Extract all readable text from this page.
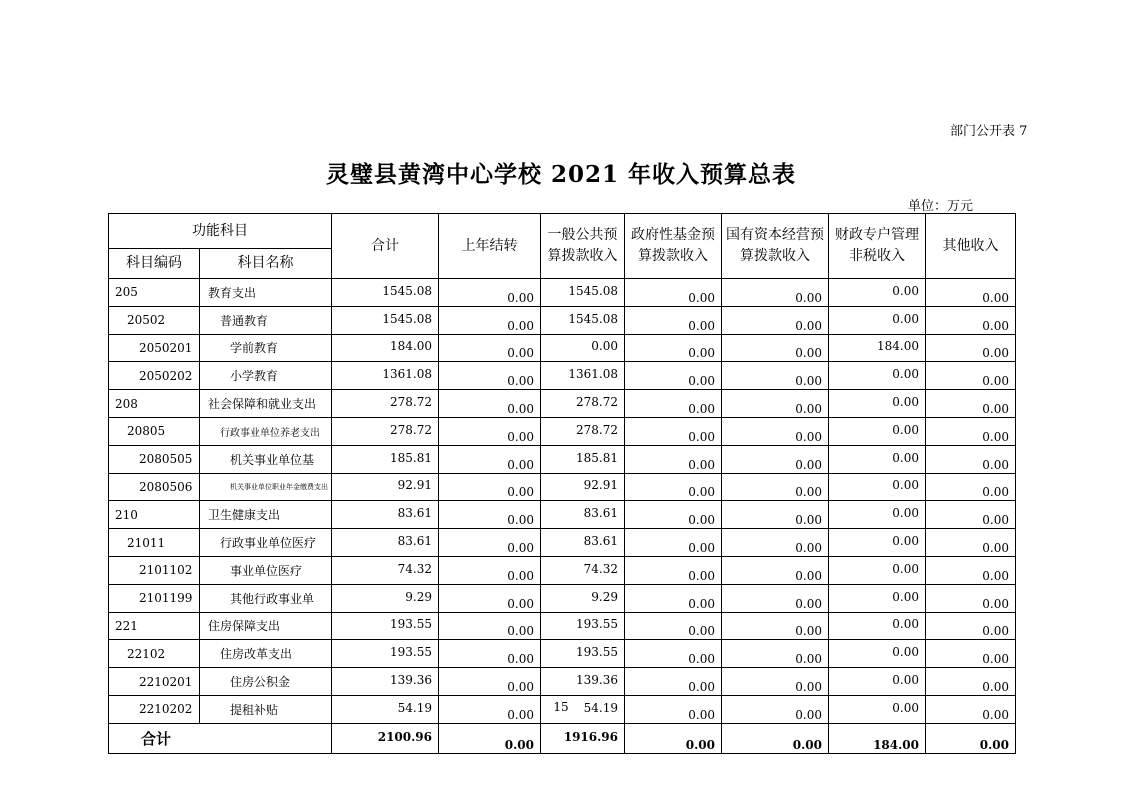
部门公开表 7
灵璧县黄湾中心学校 2021 年收入预算总表
单位：万元
功能科目		合计	上年结转	一般公共预算拨款收入	政府性基金预算拨款收入	国有资本经营预算拨款收入	财政专户管理非税收入	其他收入
科目编码	科目名称							
205	教育支出	1545.08	0.00	1545.08	0.00	0.00	0.00	0.00
20502	普通教育	1545.08	0.00	1545.08	0.00	0.00	0.00	0.00
2050201	学前教育	184.00	0.00	0.00	0.00	0.00	184.00	0.00
2050202	小学教育	1361.08	0.00	1361.08	0.00	0.00	0.00	0.00
208	社会保障和就业支出	278.72	0.00	278.72	0.00	0.00	0.00	0.00
20805	行政事业单位养老支出	278.72	0.00	278.72	0.00	0.00	0.00	0.00
2080505	机关事业单位基	185.81	0.00	185.81	0.00	0.00	0.00	0.00
2080506	机关事业单位职业年金缴费支出	92.91	0.00	92.91	0.00	0.00	0.00	0.00
210	卫生健康支出	83.61	0.00	83.61	0.00	0.00	0.00	0.00
21011	行政事业单位医疗	83.61	0.00	83.61	0.00	0.00	0.00	0.00
2101102	事业单位医疗	74.32	0.00	74.32	0.00	0.00	0.00	0.00
2101199	其他行政事业单	9.29	0.00	9.29	0.00	0.00	0.00	0.00
221	住房保障支出	193.55	0.00	193.55	0.00	0.00	0.00	0.00
22102	住房改革支出	193.55	0.00	193.55	0.00	0.00	0.00	0.00
2210201	住房公积金	139.36	0.00	139.36	0.00	0.00	0.00	0.00
2210202	提租补贴	54.19	0.00	54.19	0.00	0.00	0.00	0.00
合计		2100.96	0.00	1916.96	0.00	0.00	184.00	0.00
15
